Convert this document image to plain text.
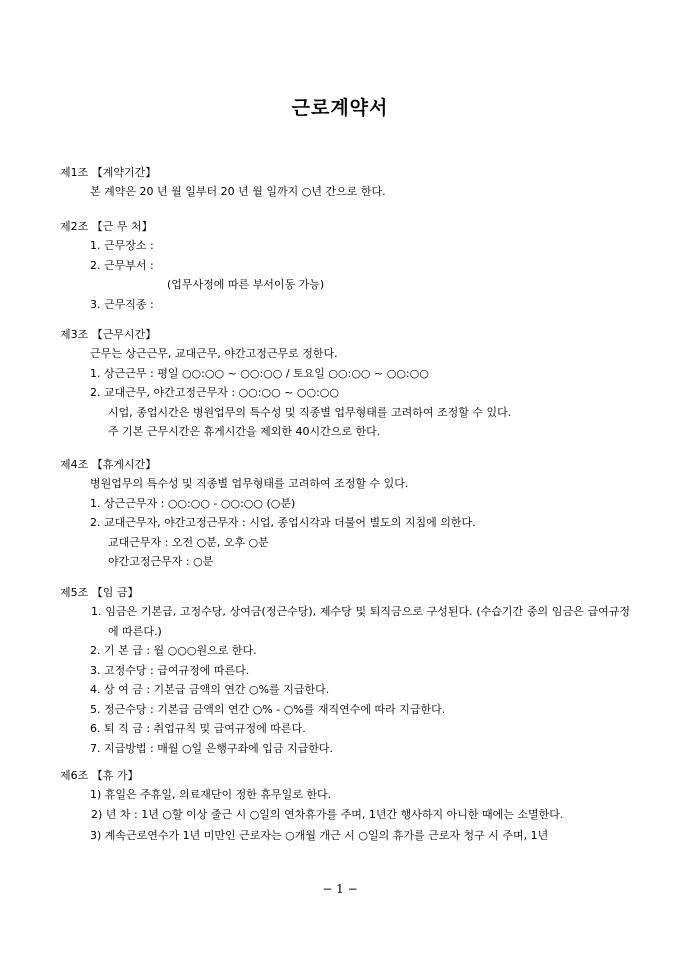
근로계약서
제1조 【계약기간】
본 계약은 20 년 월 일부터 20 년 월 일까지 ○년 간으로 한다.
제2조 【근 무 처】
1. 근무장소 :
2. 근무부서 :
(업무사정에 따른 부서이동 가능)
3. 근무직종 :
제3조 【근무시간】
근무는 상근근무, 교대근무, 야간고정근무로 정한다.
1. 상근근무 : 평일 ○○:○○ ~ ○○:○○ / 토요일 ○○:○○ ~ ○○:○○
2. 교대근무, 야간고정근무자 : ○○:○○ ~ ○○:○○
시업, 종업시간은 병원업무의 특수성 및 직종별 업무형태를 고려하여 조정할 수 있다.
주 기본 근무시간은 휴게시간을 제외한 40시간으로 한다.
제4조 【휴게시간】
병원업무의 특수성 및 직종별 업무형태를 고려하여 조정할 수 있다.
1. 상근근무자 : ○○:○○ - ○○:○○ (○분)
2. 교대근무자, 야간고정근무자 : 시업, 종업시각과 더불어 별도의 지침에 의한다.
교대근무자 : 오전 ○분, 오후 ○분
야간고정근무자 : ○분
제5조 【임 금】
1. 임금은 기본급, 고정수당, 상여금(정근수당), 제수당 및 퇴직금으로 구성된다. (수습기간 중의 임금은 급여규정에 따른다.)
2. 기 본 급 : 월 ○○○원으로 한다.
3. 고정수당 : 급여규정에 따른다.
4. 상 여 금 : 기본급 금액의 연간 ○%를 지급한다.
5. 정근수당 : 기본급 금액의 연간 ○% - ○%를 재직연수에 따라 지급한다.
6. 퇴 직 금 : 취업규칙 및 급여규정에 따른다.
7. 지급방법 : 매월 ○일 은행구좌에 입금 지급한다.
제6조 【휴 가】
1) 휴일은 주휴일, 의료재단이 정한 휴무일로 한다.
2) 년 차 : 1년 ○할 이상 줄근 시 ○일의 연차휴가를 주며, 1년간 행사하지 아니한 때에는 소멸한다.
3) 계속근로연수가 1년 미만인 근로자는 ○개월 개근 시 ○일의 휴가를 근로자 청구 시 주며, 1년
− 1 −
